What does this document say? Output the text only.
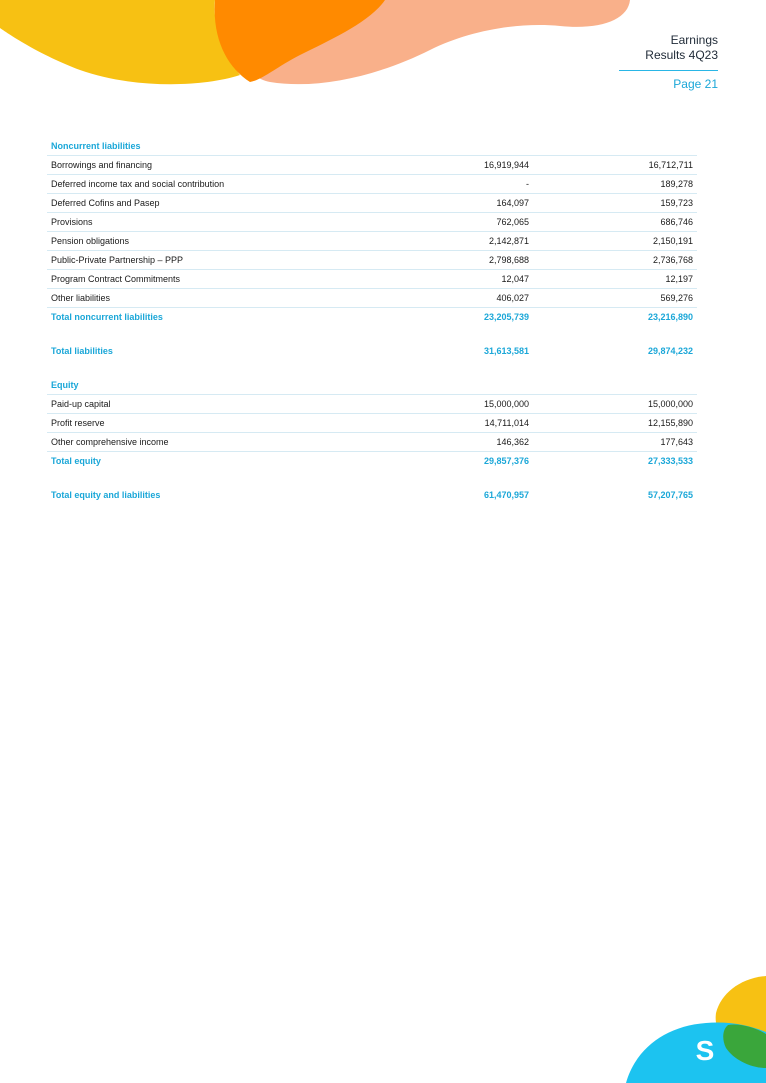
Earnings
Results 4Q23
Page 21
Noncurrent liabilities		
Borrowings and financing	16,919,944	16,712,711
Deferred income tax and social contribution	-	189,278
Deferred Cofins and Pasep	164,097	159,723
Provisions	762,065	686,746
Pension obligations	2,142,871	2,150,191
Public-Private Partnership – PPP	2,798,688	2,736,768
Program Contract Commitments	12,047	12,197
Other liabilities	406,027	569,276
Total noncurrent liabilities	23,205,739	23,216,890

Total liabilities	31,613,581	29,874,232

Equity		
Paid-up capital	15,000,000	15,000,000
Profit reserve	14,711,014	12,155,890
Other comprehensive income	146,362	177,643
Total equity	29,857,376	27,333,533

Total equity and liabilities	61,470,957	57,207,765
S
